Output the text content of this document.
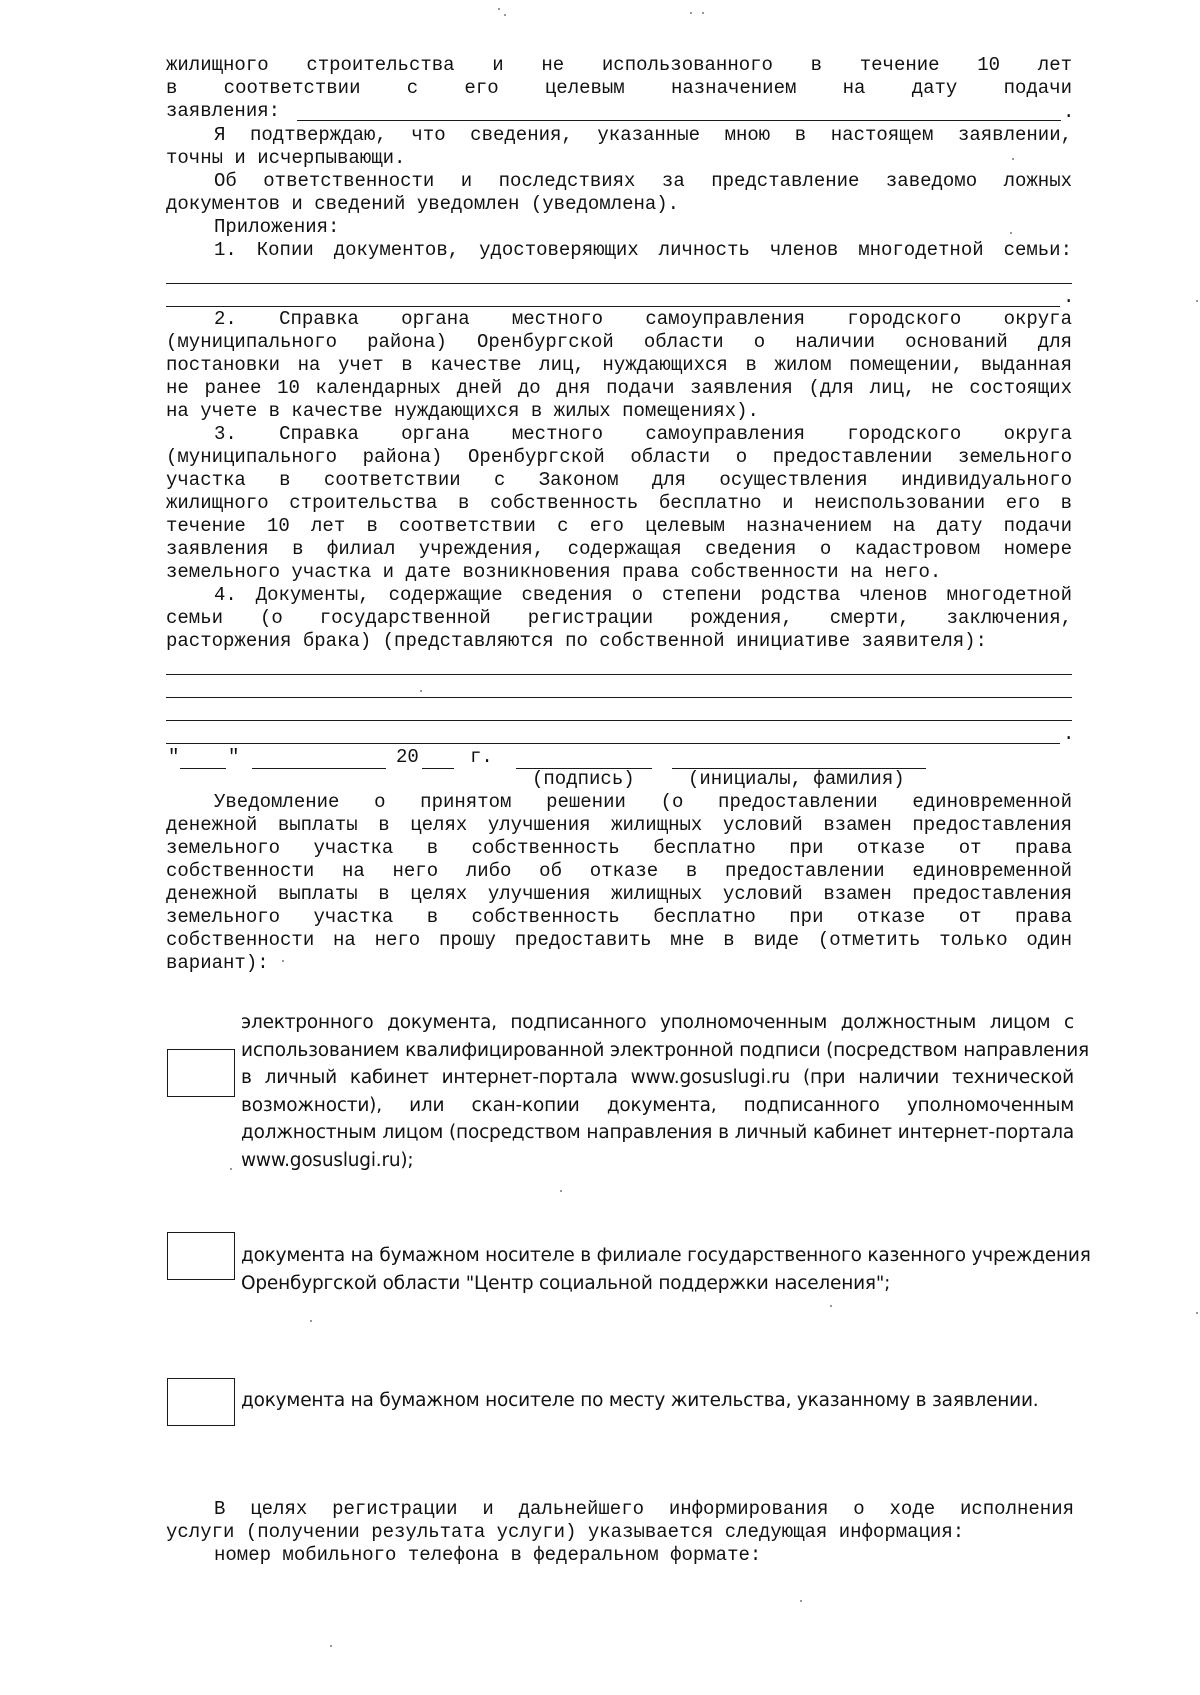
жилищного строительства и не использованного в течение 10 лет
в соответствии с его целевым назначением на дату подачи
заявления:	.
Я подтверждаю, что сведения, указанные мною в настоящем заявлении,
точны и исчерпывающи.
Об ответственности и последствиях за представление заведомо ложных
документов и сведений уведомлен (уведомлена).
Приложения:
1. Копии документов, удостоверяющих личность членов многодетной семьи:
.
2. Справка органа местного самоуправления городского округа
(муниципального района) Оренбургской области о наличии оснований для
постановки на учет в качестве лиц, нуждающихся в жилом помещении, выданная
не ранее 10 календарных дней до дня подачи заявления (для лиц, не состоящих
на учете в качестве нуждающихся в жилых помещениях).
3. Справка органа местного самоуправления городского округа
(муниципального района) Оренбургской области о предоставлении земельного
участка в соответствии с Законом для осуществления индивидуального
жилищного строительства в собственность бесплатно и неиспользовании его в
течение 10 лет в соответствии с его целевым назначением на дату подачи
заявления в филиал учреждения, содержащая сведения о кадастровом номере
земельного участка и дате возникновения права собственности на него.
4. Документы, содержащие сведения о степени родства членов многодетной
семьи (о государственной регистрации рождения, смерти, заключения,
расторжения брака) (представляются по собственной инициативе заявителя):
.
"	"	20	г.
(подпись)	(инициалы, фамилия)
Уведомление о принятом решении (о предоставлении единовременной
денежной выплаты в целях улучшения жилищных условий взамен предоставления
земельного участка в собственность бесплатно при отказе от права
собственности на него либо об отказе в предоставлении единовременной
денежной выплаты в целях улучшения жилищных условий взамен предоставления
земельного участка в собственность бесплатно при отказе от права
собственности на него прошу предоставить мне в виде (отметить только один
вариант):
электронного документа, подписанного уполномоченным должностным лицом с
использованием квалифицированной электронной подписи (посредством направления
в личный кабинет интернет-портала www.gosuslugi.ru (при наличии технической
возможности), или скан-копии документа, подписанного уполномоченным
должностным лицом (посредством направления в личный кабинет интернет-портала
www.gosuslugi.ru);
документа на бумажном носителе в филиале государственного казенного учреждения
Оренбургской области "Центр социальной поддержки населения";
документа на бумажном носителе по месту жительства, указанному в заявлении.
В целях регистрации и дальнейшего информирования о ходе исполнения
услуги (получении результата услуги) указывается следующая информация:
номер мобильного телефона в федеральном формате:
